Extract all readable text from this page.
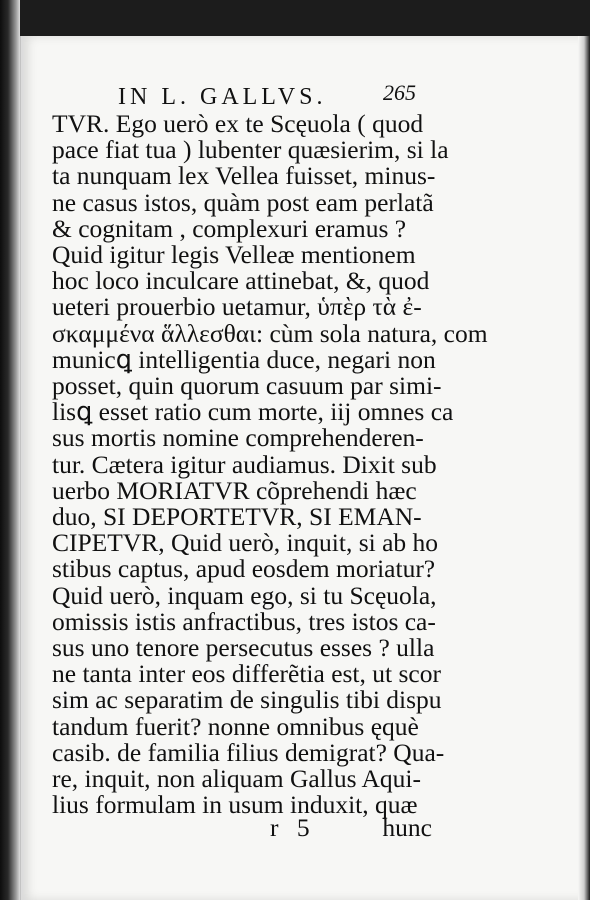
IN L. GALLVS.	265
TVR. Ego uerò ex te Scęuola ( quod
pace fiat tua ) lubenter quæsierim, si la
ta nunquam lex Vellea fuisset, minus-
ne casus istos, quàm post eam perlatã
& cognitam , complexuri eramus ?
Quid igitur legis Velleæ mentionem
hoc loco inculcare attinebat, &, quod
ueteri prouerbio uetamur, ὑπὲρ τὰ ἐ-
σκαμμένα ἅλλεσθαι: cùm sola natura, com
municꝗ intelligentia duce, negari non
posset, quin quorum casuum par simi-
lisꝗ esset ratio cum morte, iĳ omnes ca
sus mortis nomine comprehenderen-
tur. Cætera igitur audiamus. Dixit sub
uerbo MORIATVR cõprehendi hæc
duo, SI DEPORTETVR, SI EMAN-
CIPETVR, Quid uerò, inquit, si ab ho
stibus captus, apud eosdem moriatur?
Quid uerò, inquam ego, si tu Scęuola,
omissis istis anfractibus, tres istos ca-
sus uno tenore persecutus esses ? ulla
ne tanta inter eos differẽtia est, ut scor
sim ac separatim de singulis tibi dispu
tandum fuerit? nonne omnibus ęquè
casib. de familia filius demigrat? Qua-
re, inquit, non aliquam Gallus Aqui-
lius formulam in usum induxit, quæ
r 5	hunc
